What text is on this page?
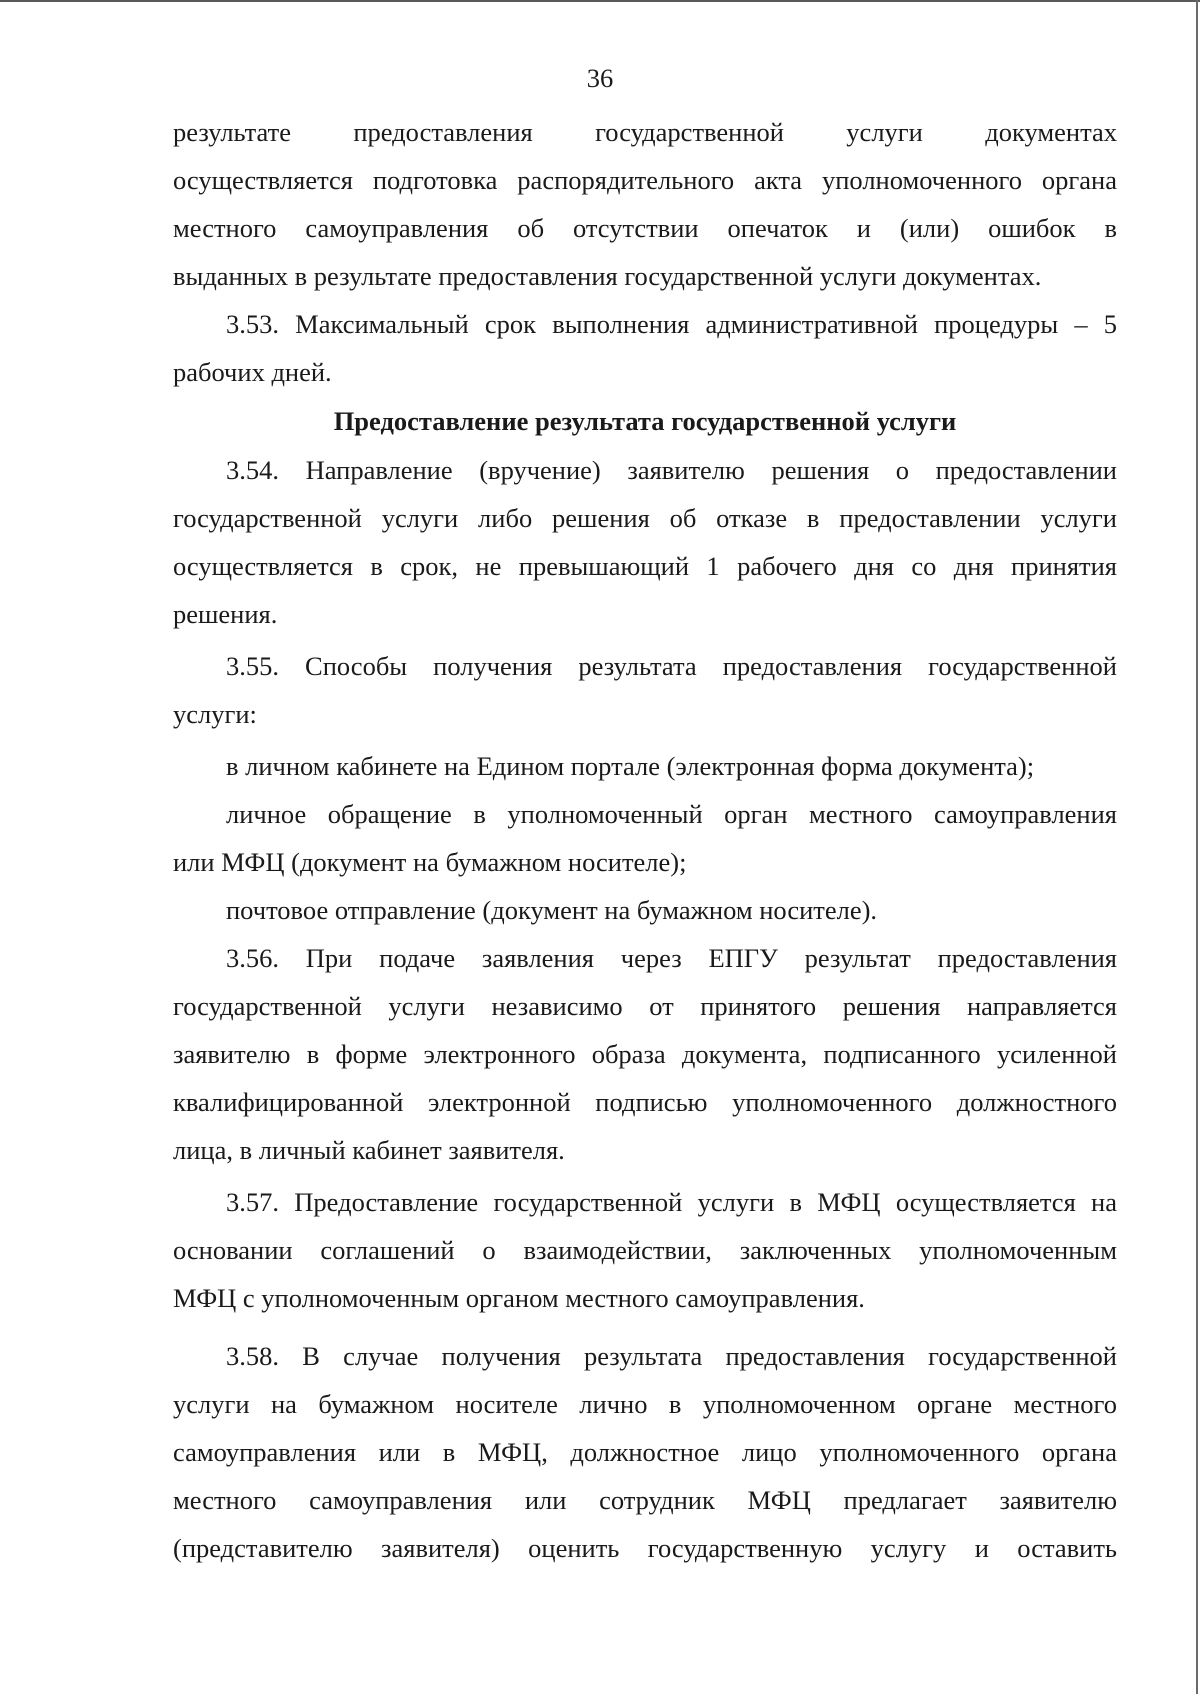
36
результате предоставления государственной услуги документах
осуществляется подготовка распорядительного акта уполномоченного органа
местного самоуправления об отсутствии опечаток и (или) ошибок в
выданных в результате предоставления государственной услуги документах.
3.53. Максимальный срок выполнения административной процедуры – 5
рабочих дней.
Предоставление результата государственной услуги
3.54. Направление (вручение) заявителю решения о предоставлении
государственной услуги либо решения об отказе в предоставлении услуги
осуществляется в срок, не превышающий 1 рабочего дня со дня принятия
решения.
3.55. Способы получения результата предоставления государственной
услуги:
в личном кабинете на Едином портале (электронная форма документа);
личное обращение в уполномоченный орган местного самоуправления
или МФЦ (документ на бумажном носителе);
почтовое отправление (документ на бумажном носителе).
3.56. При подаче заявления через ЕПГУ результат предоставления
государственной услуги независимо от принятого решения направляется
заявителю в форме электронного образа документа, подписанного усиленной
квалифицированной электронной подписью уполномоченного должностного
лица, в личный кабинет заявителя.
3.57. Предоставление государственной услуги в МФЦ осуществляется на
основании соглашений о взаимодействии, заключенных уполномоченным
МФЦ с уполномоченным органом местного самоуправления.
3.58. В случае получения результата предоставления государственной
услуги на бумажном носителе лично в уполномоченном органе местного
самоуправления или в МФЦ, должностное лицо уполномоченного органа
местного самоуправления или сотрудник МФЦ предлагает заявителю
(представителю заявителя) оценить государственную услугу и оставить
